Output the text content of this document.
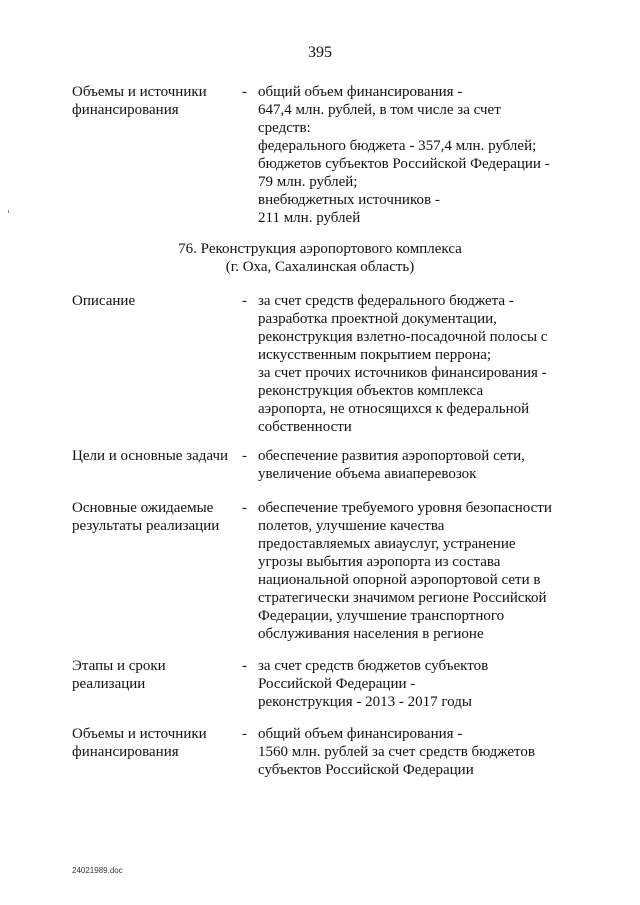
395
Объемы и источники
финансирования
- общий объем финансирования -
647,4 млн. рублей, в том числе за счет
средств:
федерального бюджета - 357,4 млн. рублей;
бюджетов субъектов Российской Федерации -
79 млн. рублей;
внебюджетных источников -
211 млн. рублей
76. Реконструкция аэропортового комплекса
(г. Оха, Сахалинская область)
Описание	- за счет средств федерального бюджета -
разработка проектной документации,
реконструкция взлетно-посадочной полосы с
искусственным покрытием перрона;
за счет прочих источников финансирования -
реконструкция объектов комплекса
аэропорта, не относящихся к федеральной
собственности
Цели и основные задачи - обеспечение развития аэропортовой сети,
увеличение объема авиаперевозок
Основные ожидаемые
результаты реализации
- обеспечение требуемого уровня безопасности
полетов, улучшение качества
предоставляемых авиауслуг, устранение
угрозы выбытия аэропорта из состава
национальной опорной аэропортовой сети в
стратегически значимом регионе Российской
Федерации, улучшение транспортного
обслуживания населения в регионе
Этапы и сроки
реализации
- за счет средств бюджетов субъектов
Российской Федерации -
реконструкция - 2013 - 2017 годы
Объемы и источники
финансирования
- общий объем финансирования -
1560 млн. рублей за счет средств бюджетов
субъектов Российской Федерации
24021989.doc
